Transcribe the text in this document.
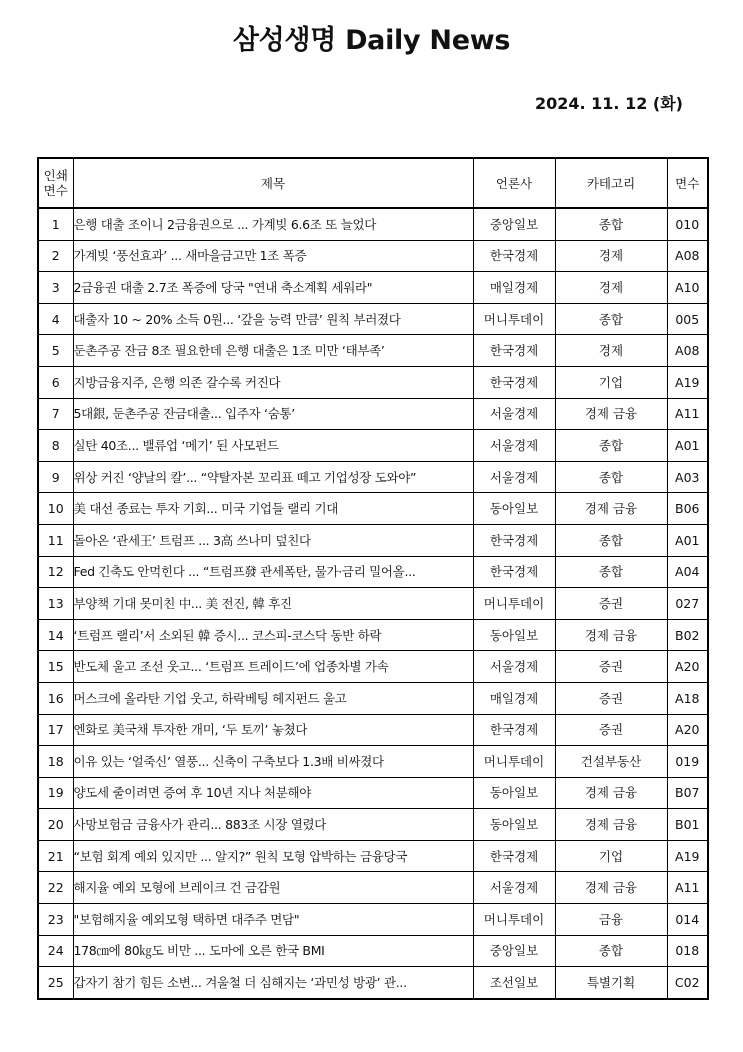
삼성생명 Daily News
2024. 11. 12 (화)
인쇄
면수	제목	언론사	카테고리	면수
1	은행 대출 조이니 2금융권으로 ... 가계빚 6.6조 또 늘었다	중앙일보	종합	010
2	가계빚 ‘풍선효과’ ... 새마을금고만 1조 폭증	한국경제	경제	A08
3	2금융권 대출 2.7조 폭증에 당국 "연내 축소계획 세워라"	매일경제	경제	A10
4	대출자 10 ~ 20% 소득 0원... ‘갚을 능력 만큼’ 원칙 부러졌다	머니투데이	종합	005
5	둔촌주공 잔금 8조 필요한데 은행 대출은 1조 미만 ‘태부족’	한국경제	경제	A08
6	지방금융지주, 은행 의존 갈수록 커진다	한국경제	기업	A19
7	5대銀, 둔촌주공 잔금대출... 입주자 ‘숨통’	서울경제	경제 금융	A11
8	실탄 40조... 밸류업 ‘메기’ 된 사모펀드	서울경제	종합	A01
9	위상 커진 ‘양날의 칼’... “약탈자본 꼬리표 떼고 기업성장 도와야”	서울경제	종합	A03
10	美 대선 종료는 투자 기회... 미국 기업들 랠리 기대	동아일보	경제 금융	B06
11	돌아온 ‘관세王’ 트럼프 ... 3高 쓰나미 덮친다	한국경제	종합	A01
12	Fed 긴축도 안먹힌다 ... “트럼프發 관세폭탄, 물가·금리 밀어올...	한국경제	종합	A04
13	부양책 기대 못미친 中... 美 전진, 韓 후진	머니투데이	증권	027
14	‘트럼프 랠리’서 소외된 韓 증시... 코스피-코스닥 동반 하락	동아일보	경제 금융	B02
15	반도체 울고 조선 웃고... ‘트럼프 트레이드’에 업종차별 가속	서울경제	증권	A20
16	머스크에 올라탄 기업 웃고, 하락베팅 헤지펀드 울고	매일경제	증권	A18
17	엔화로 美국채 투자한 개미, ‘두 토끼’ 놓쳤다	한국경제	증권	A20
18	이유 있는 ‘얼죽신’ 열풍... 신축이 구축보다 1.3배 비싸졌다	머니투데이	건설부동산	019
19	양도세 줄이려면 증여 후 10년 지나 처분해야	동아일보	경제 금융	B07
20	사망보험금 금융사가 관리... 883조 시장 열렸다	동아일보	경제 금융	B01
21	“보험 회계 예외 있지만 ... 알지?” 원칙 모형 압박하는 금융당국	한국경제	기업	A19
22	해지율 예외 모형에 브레이크 건 금감원	서울경제	경제 금융	A11
23	"보험해지율 예외모형 택하면 대주주 면담"	머니투데이	금융	014
24	178㎝에 80㎏도 비만 ... 도마에 오른 한국 BMI	중앙일보	종합	018
25	갑자기 참기 힘든 소변... 겨울철 더 심해지는 ‘과민성 방광’ 관...	조선일보	특별기획	C02
